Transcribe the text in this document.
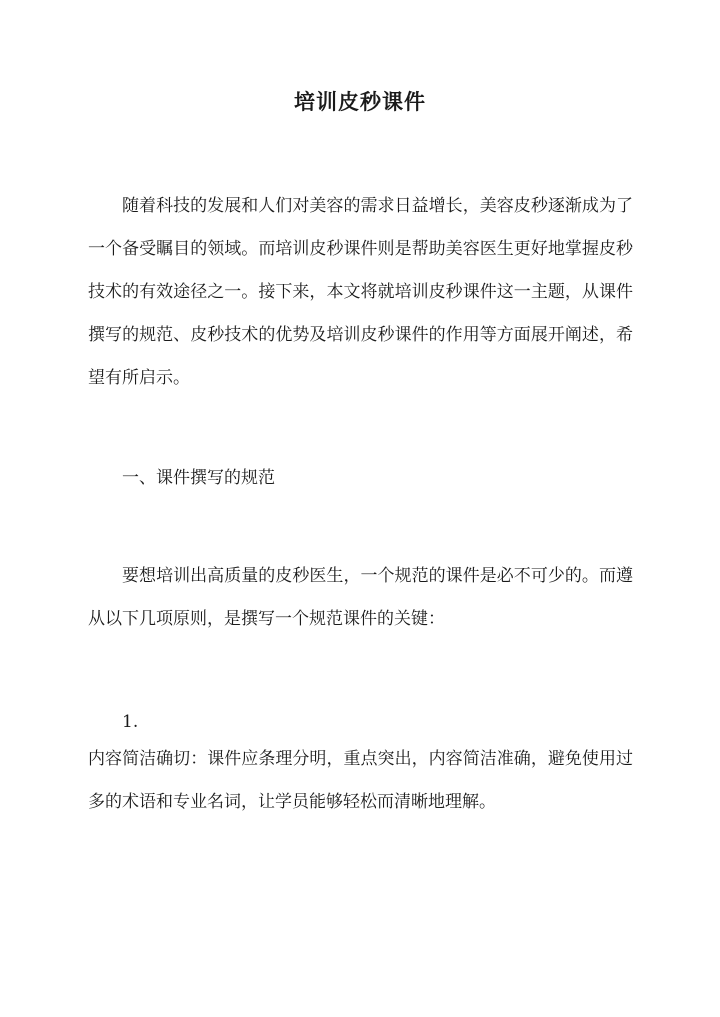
培训皮秒课件

随着科技的发展和人们对美容的需求日益增长，美容皮秒逐渐成为了一个备受瞩目的领域。而培训皮秒课件则是帮助美容医生更好地掌握皮秒技术的有效途径之一。接下来，本文将就培训皮秒课件这一主题，从课件撰写的规范、皮秒技术的优势及培训皮秒课件的作用等方面展开阐述，希望有所启示。

一、课件撰写的规范

要想培训出高质量的皮秒医生，一个规范的课件是必不可少的。而遵从以下几项原则，是撰写一个规范课件的关键：

1.

内容简洁确切：课件应条理分明，重点突出，内容简洁准确，避免使用过多的术语和专业名词，让学员能够轻松而清晰地理解。
